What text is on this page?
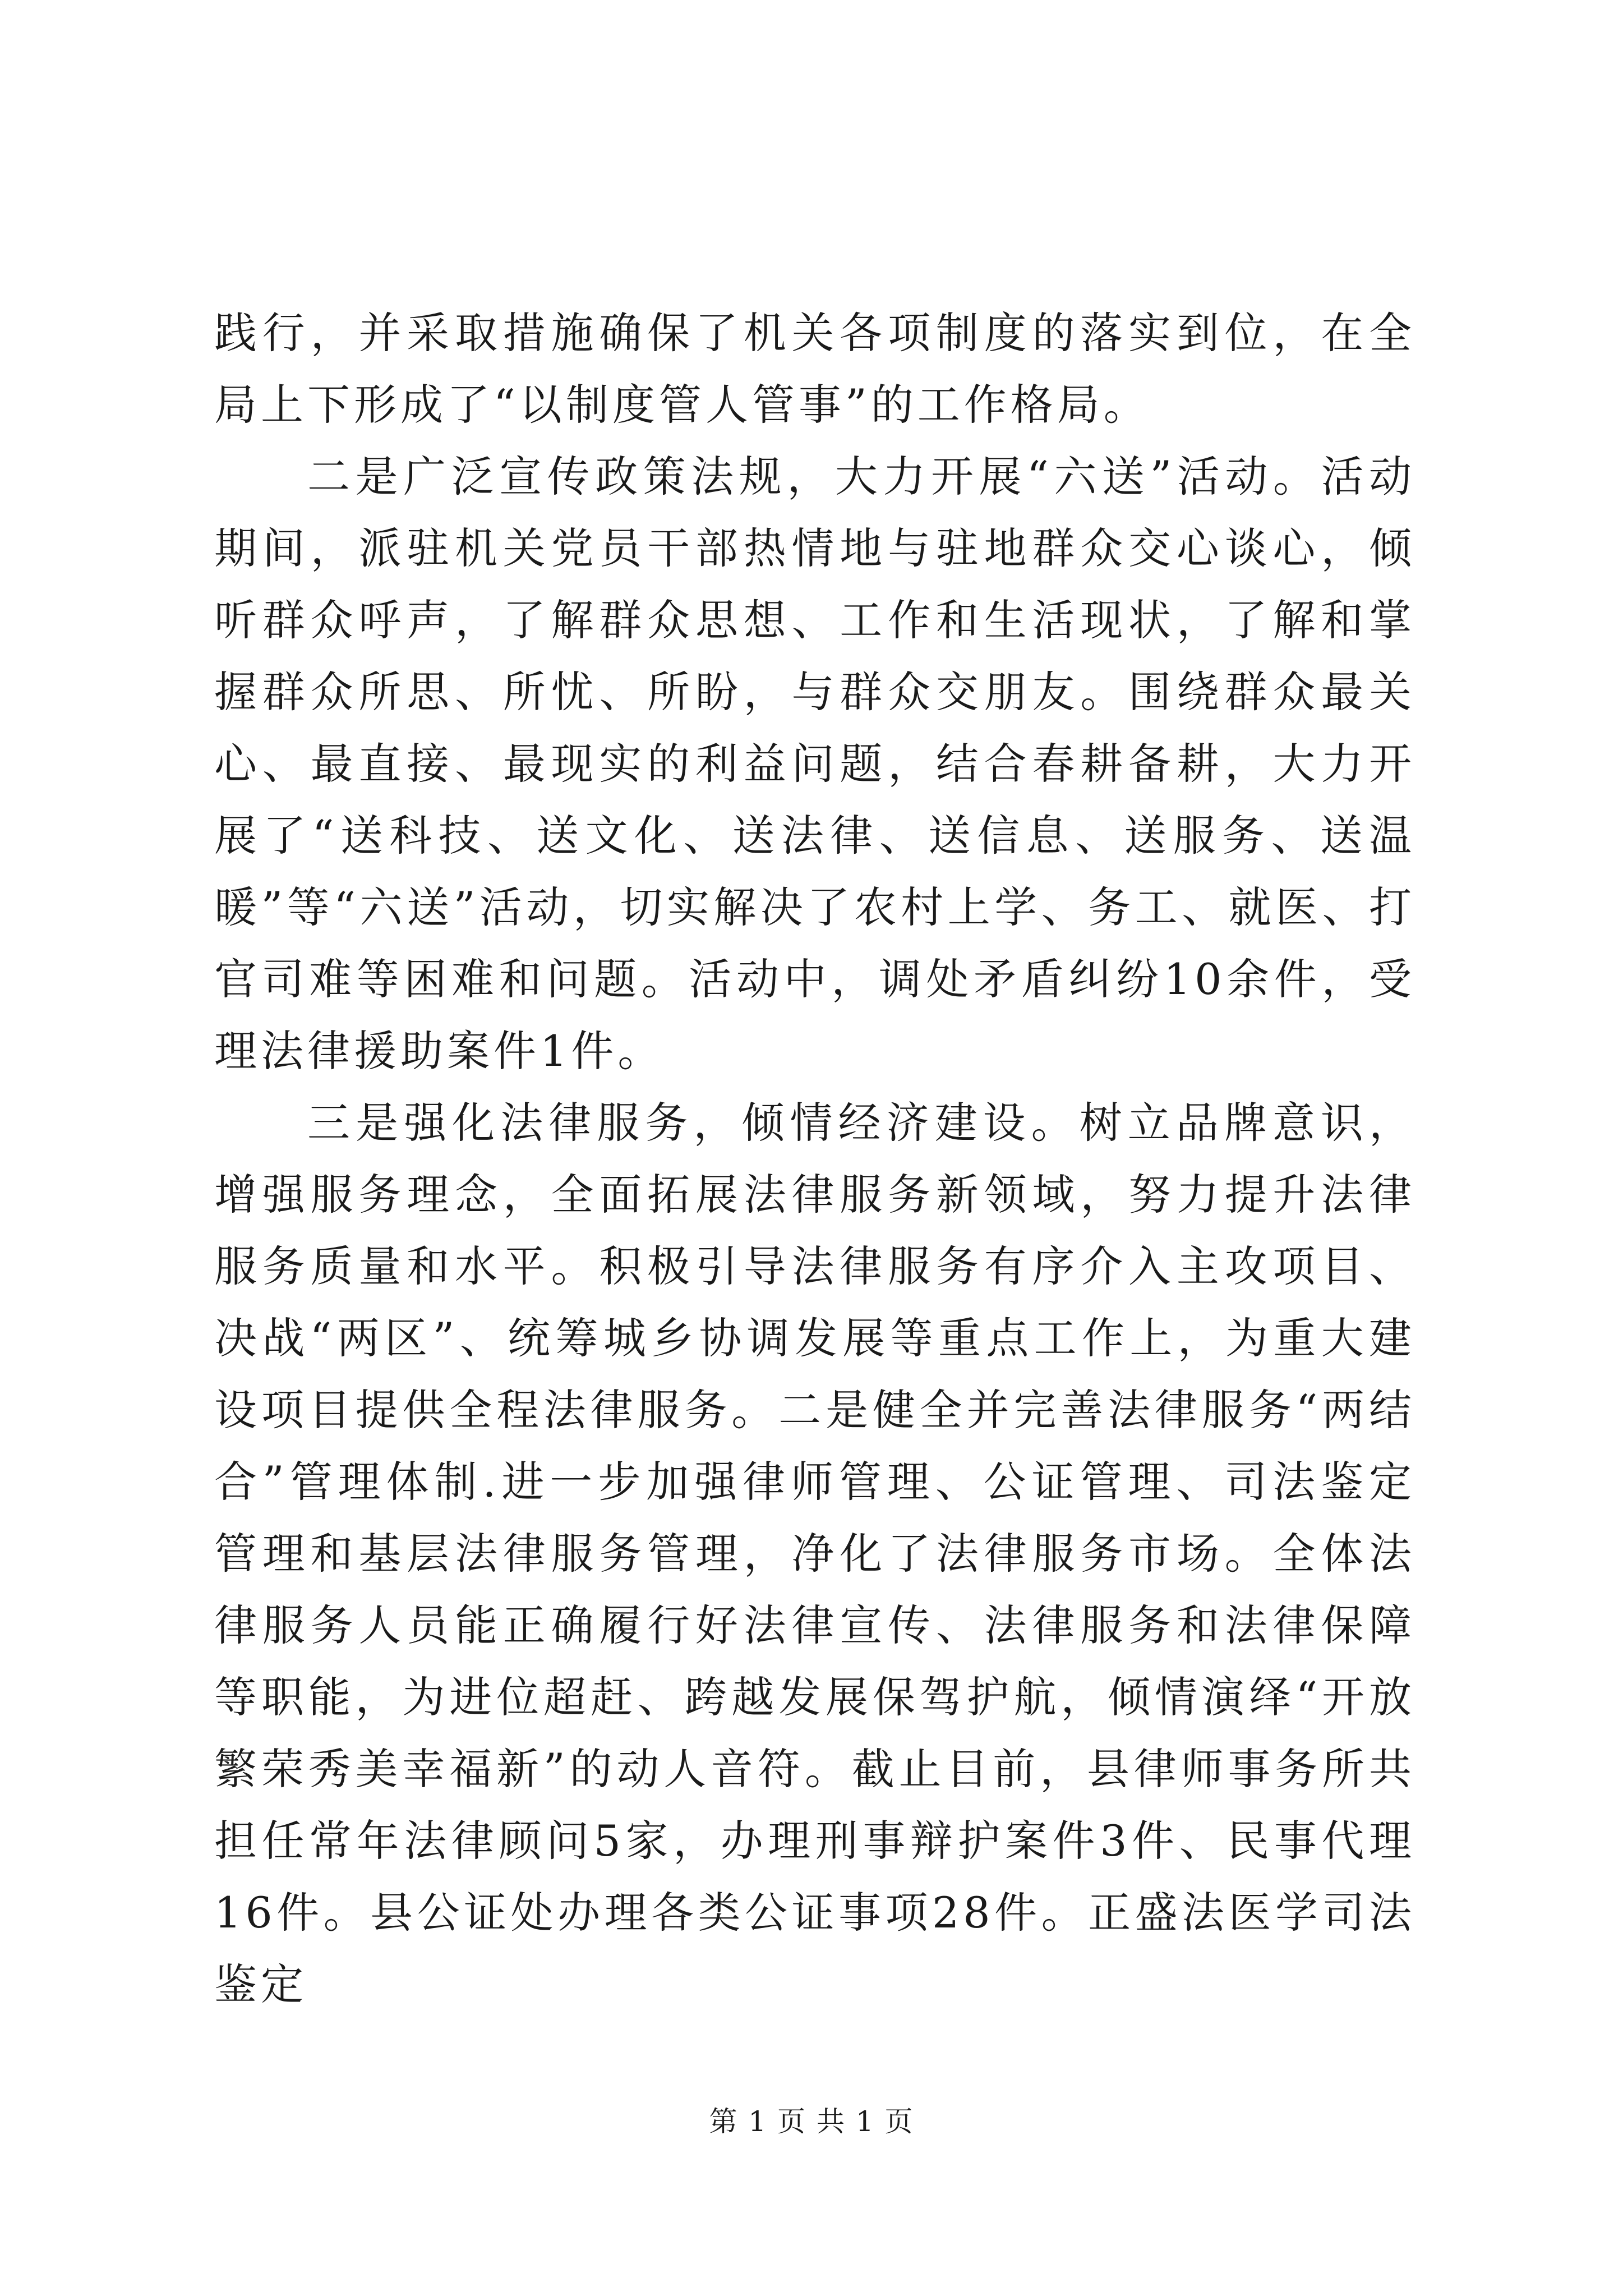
践行，并采取措施确保了机关各项制度的落实到位，在全局上下形成了“以制度管人管事”的工作格局。

二是广泛宣传政策法规，大力开展“六送”活动。活动期间，派驻机关党员干部热情地与驻地群众交心谈心，倾听群众呼声，了解群众思想、工作和生活现状，了解和掌握群众所思、所忧、所盼，与群众交朋友。围绕群众最关心、最直接、最现实的利益问题，结合春耕备耕，大力开展了“送科技、送文化、送法律、送信息、送服务、送温暖”等“六送”活动，切实解决了农村上学、务工、就医、打官司难等困难和问题。活动中，调处矛盾纠纷10余件，受理法律援助案件1件。

三是强化法律服务，倾情经济建设。树立品牌意识，增强服务理念，全面拓展法律服务新领域，努力提升法律服务质量和水平。积极引导法律服务有序介入主攻项目、决战“两区”、统筹城乡协调发展等重点工作上，为重大建设项目提供全程法律服务。二是健全并完善法律服务“两结合”管理体制.进一步加强律师管理、公证管理、司法鉴定管理和基层法律服务管理，净化了法律服务市场。全体法律服务人员能正确履行好法律宣传、法律服务和法律保障等职能，为进位超赶、跨越发展保驾护航，倾情演绎“开放繁荣秀美幸福新”的动人音符。截止目前，县律师事务所共担任常年法律顾问5家，办理刑事辩护案件3件、民事代理16件。县公证处办理各类公证事项28件。正盛法医学司法鉴定

第 1 页 共 1 页
